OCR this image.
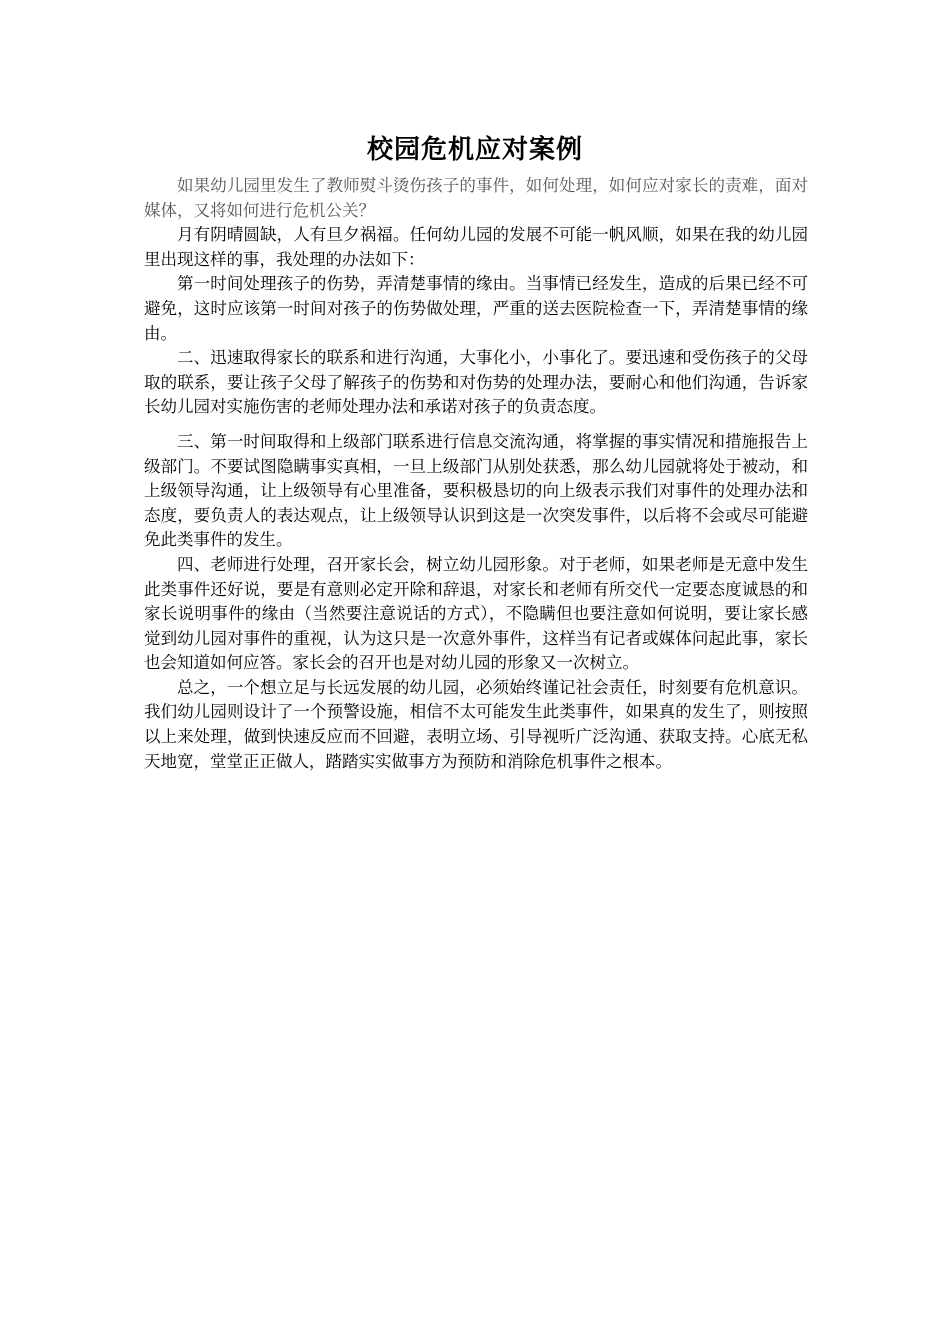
校园危机应对案例

如果幼儿园里发生了教师熨斗烫伤孩子的事件，如何处理，如何应对家长的责难，面对媒体，又将如何进行危机公关？

月有阴晴圆缺，人有旦夕祸福。任何幼儿园的发展不可能一帆风顺，如果在我的幼儿园里出现这样的事，我处理的办法如下：

第一时间处理孩子的伤势，弄清楚事情的缘由。当事情已经发生，造成的后果已经不可避免，这时应该第一时间对孩子的伤势做处理，严重的送去医院检查一下，弄清楚事情的缘由。

二、迅速取得家长的联系和进行沟通，大事化小，小事化了。要迅速和受伤孩子的父母取的联系，要让孩子父母了解孩子的伤势和对伤势的处理办法，要耐心和他们沟通，告诉家长幼儿园对实施伤害的老师处理办法和承诺对孩子的负责态度。

三、第一时间取得和上级部门联系进行信息交流沟通，将掌握的事实情况和措施报告上级部门。不要试图隐瞒事实真相，一旦上级部门从别处获悉，那么幼儿园就将处于被动，和上级领导沟通，让上级领导有心里准备，要积极恳切的向上级表示我们对事件的处理办法和态度，要负责人的表达观点，让上级领导认识到这是一次突发事件，以后将不会或尽可能避免此类事件的发生。

四、老师进行处理，召开家长会，树立幼儿园形象。对于老师，如果老师是无意中发生此类事件还好说，要是有意则必定开除和辞退，对家长和老师有所交代一定要态度诚恳的和家长说明事件的缘由（当然要注意说话的方式），不隐瞒但也要注意如何说明，要让家长感觉到幼儿园对事件的重视，认为这只是一次意外事件，这样当有记者或媒体问起此事，家长也会知道如何应答。家长会的召开也是对幼儿园的形象又一次树立。

总之，一个想立足与长远发展的幼儿园，必须始终谨记社会责任，时刻要有危机意识。我们幼儿园则设计了一个预警设施，相信不太可能发生此类事件，如果真的发生了，则按照以上来处理，做到快速反应而不回避，表明立场、引导视听广泛沟通、获取支持。心底无私天地宽，堂堂正正做人，踏踏实实做事方为预防和消除危机事件之根本。
